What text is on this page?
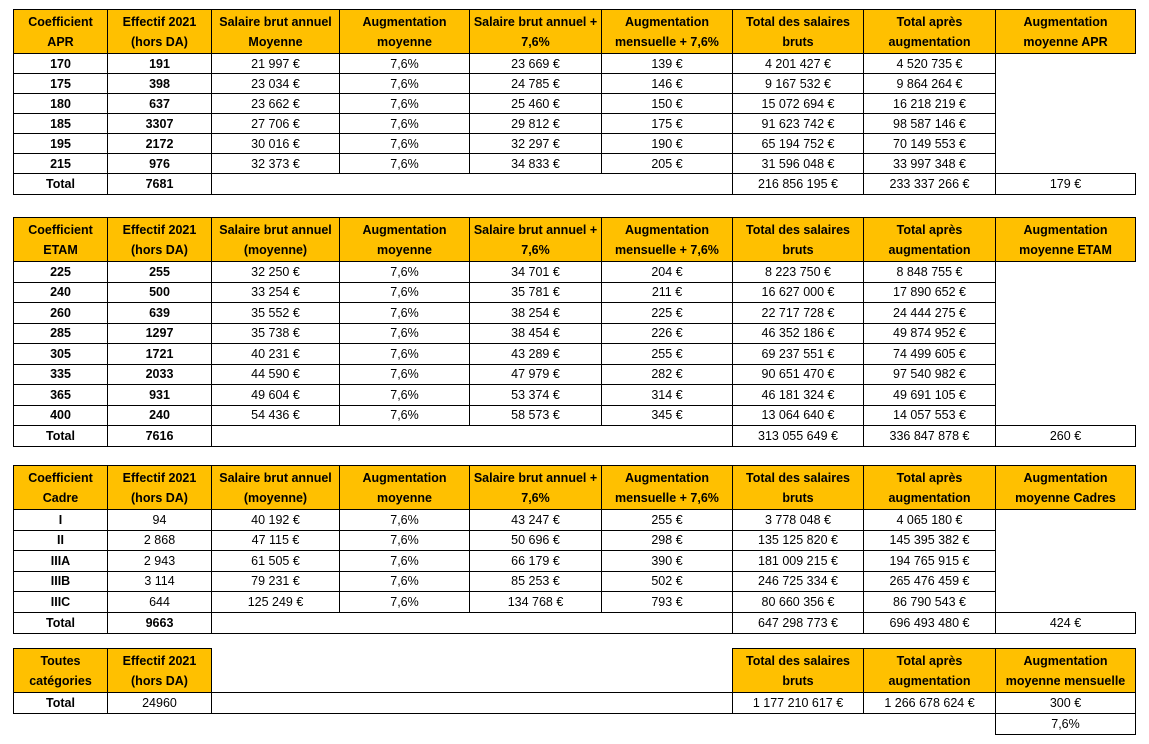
Coefficient APR	Effectif 2021 (hors DA)	Salaire brut annuel Moyenne	Augmentation moyenne	Salaire brut annuel + 7,6%	Augmentation mensuelle + 7,6%	Total des salaires bruts	Total après augmentation	Augmentation moyenne APR
170	191	21 997 €	7,6%	23 669 €	139 €	4 201 427 €	4 520 735 €	
175	398	23 034 €	7,6%	24 785 €	146 €	9 167 532 €	9 864 264 €	
180	637	23 662 €	7,6%	25 460 €	150 €	15 072 694 €	16 218 219 €	
185	3307	27 706 €	7,6%	29 812 €	175 €	91 623 742 €	98 587 146 €	
195	2172	30 016 €	7,6%	32 297 €	190 €	65 194 752 €	70 149 553 €	
215	976	32 373 €	7,6%	34 833 €	205 €	31 596 048 €	33 997 348 €	
Total	7681					216 856 195 €	233 337 266 €	179 €
Coefficient ETAM	Effectif 2021 (hors DA)	Salaire brut annuel (moyenne)	Augmentation moyenne	Salaire brut annuel + 7,6%	Augmentation mensuelle + 7,6%	Total des salaires bruts	Total après augmentation	Augmentation moyenne ETAM
225	255	32 250 €	7,6%	34 701 €	204 €	8 223 750 €	8 848 755 €	
240	500	33 254 €	7,6%	35 781 €	211 €	16 627 000 €	17 890 652 €	
260	639	35 552 €	7,6%	38 254 €	225 €	22 717 728 €	24 444 275 €	
285	1297	35 738 €	7,6%	38 454 €	226 €	46 352 186 €	49 874 952 €	
305	1721	40 231 €	7,6%	43 289 €	255 €	69 237 551 €	74 499 605 €	
335	2033	44 590 €	7,6%	47 979 €	282 €	90 651 470 €	97 540 982 €	
365	931	49 604 €	7,6%	53 374 €	314 €	46 181 324 €	49 691 105 €	
400	240	54 436 €	7,6%	58 573 €	345 €	13 064 640 €	14 057 553 €	
Total	7616					313 055 649 €	336 847 878 €	260 €
Coefficient Cadre	Effectif 2021 (hors DA)	Salaire brut annuel (moyenne)	Augmentation moyenne	Salaire brut annuel + 7,6%	Augmentation mensuelle + 7,6%	Total des salaires bruts	Total après augmentation	Augmentation moyenne Cadres
I	94	40 192 €	7,6%	43 247 €	255 €	3 778 048 €	4 065 180 €	
II	2 868	47 115 €	7,6%	50 696 €	298 €	135 125 820 €	145 395 382 €	
IIIA	2 943	61 505 €	7,6%	66 179 €	390 €	181 009 215 €	194 765 915 €	
IIIB	3 114	79 231 €	7,6%	85 253 €	502 €	246 725 334 €	265 476 459 €	
IIIC	644	125 249 €	7,6%	134 768 €	793 €	80 660 356 €	86 790 543 €	
Total	9663					647 298 773 €	696 493 480 €	424 €
Toutes catégories	Effectif 2021 (hors DA)		Total des salaires bruts	Total après augmentation	Augmentation moyenne mensuelle
Total	24960		1 177 210 617 €	1 266 678 624 €	300 €
					7,6%
